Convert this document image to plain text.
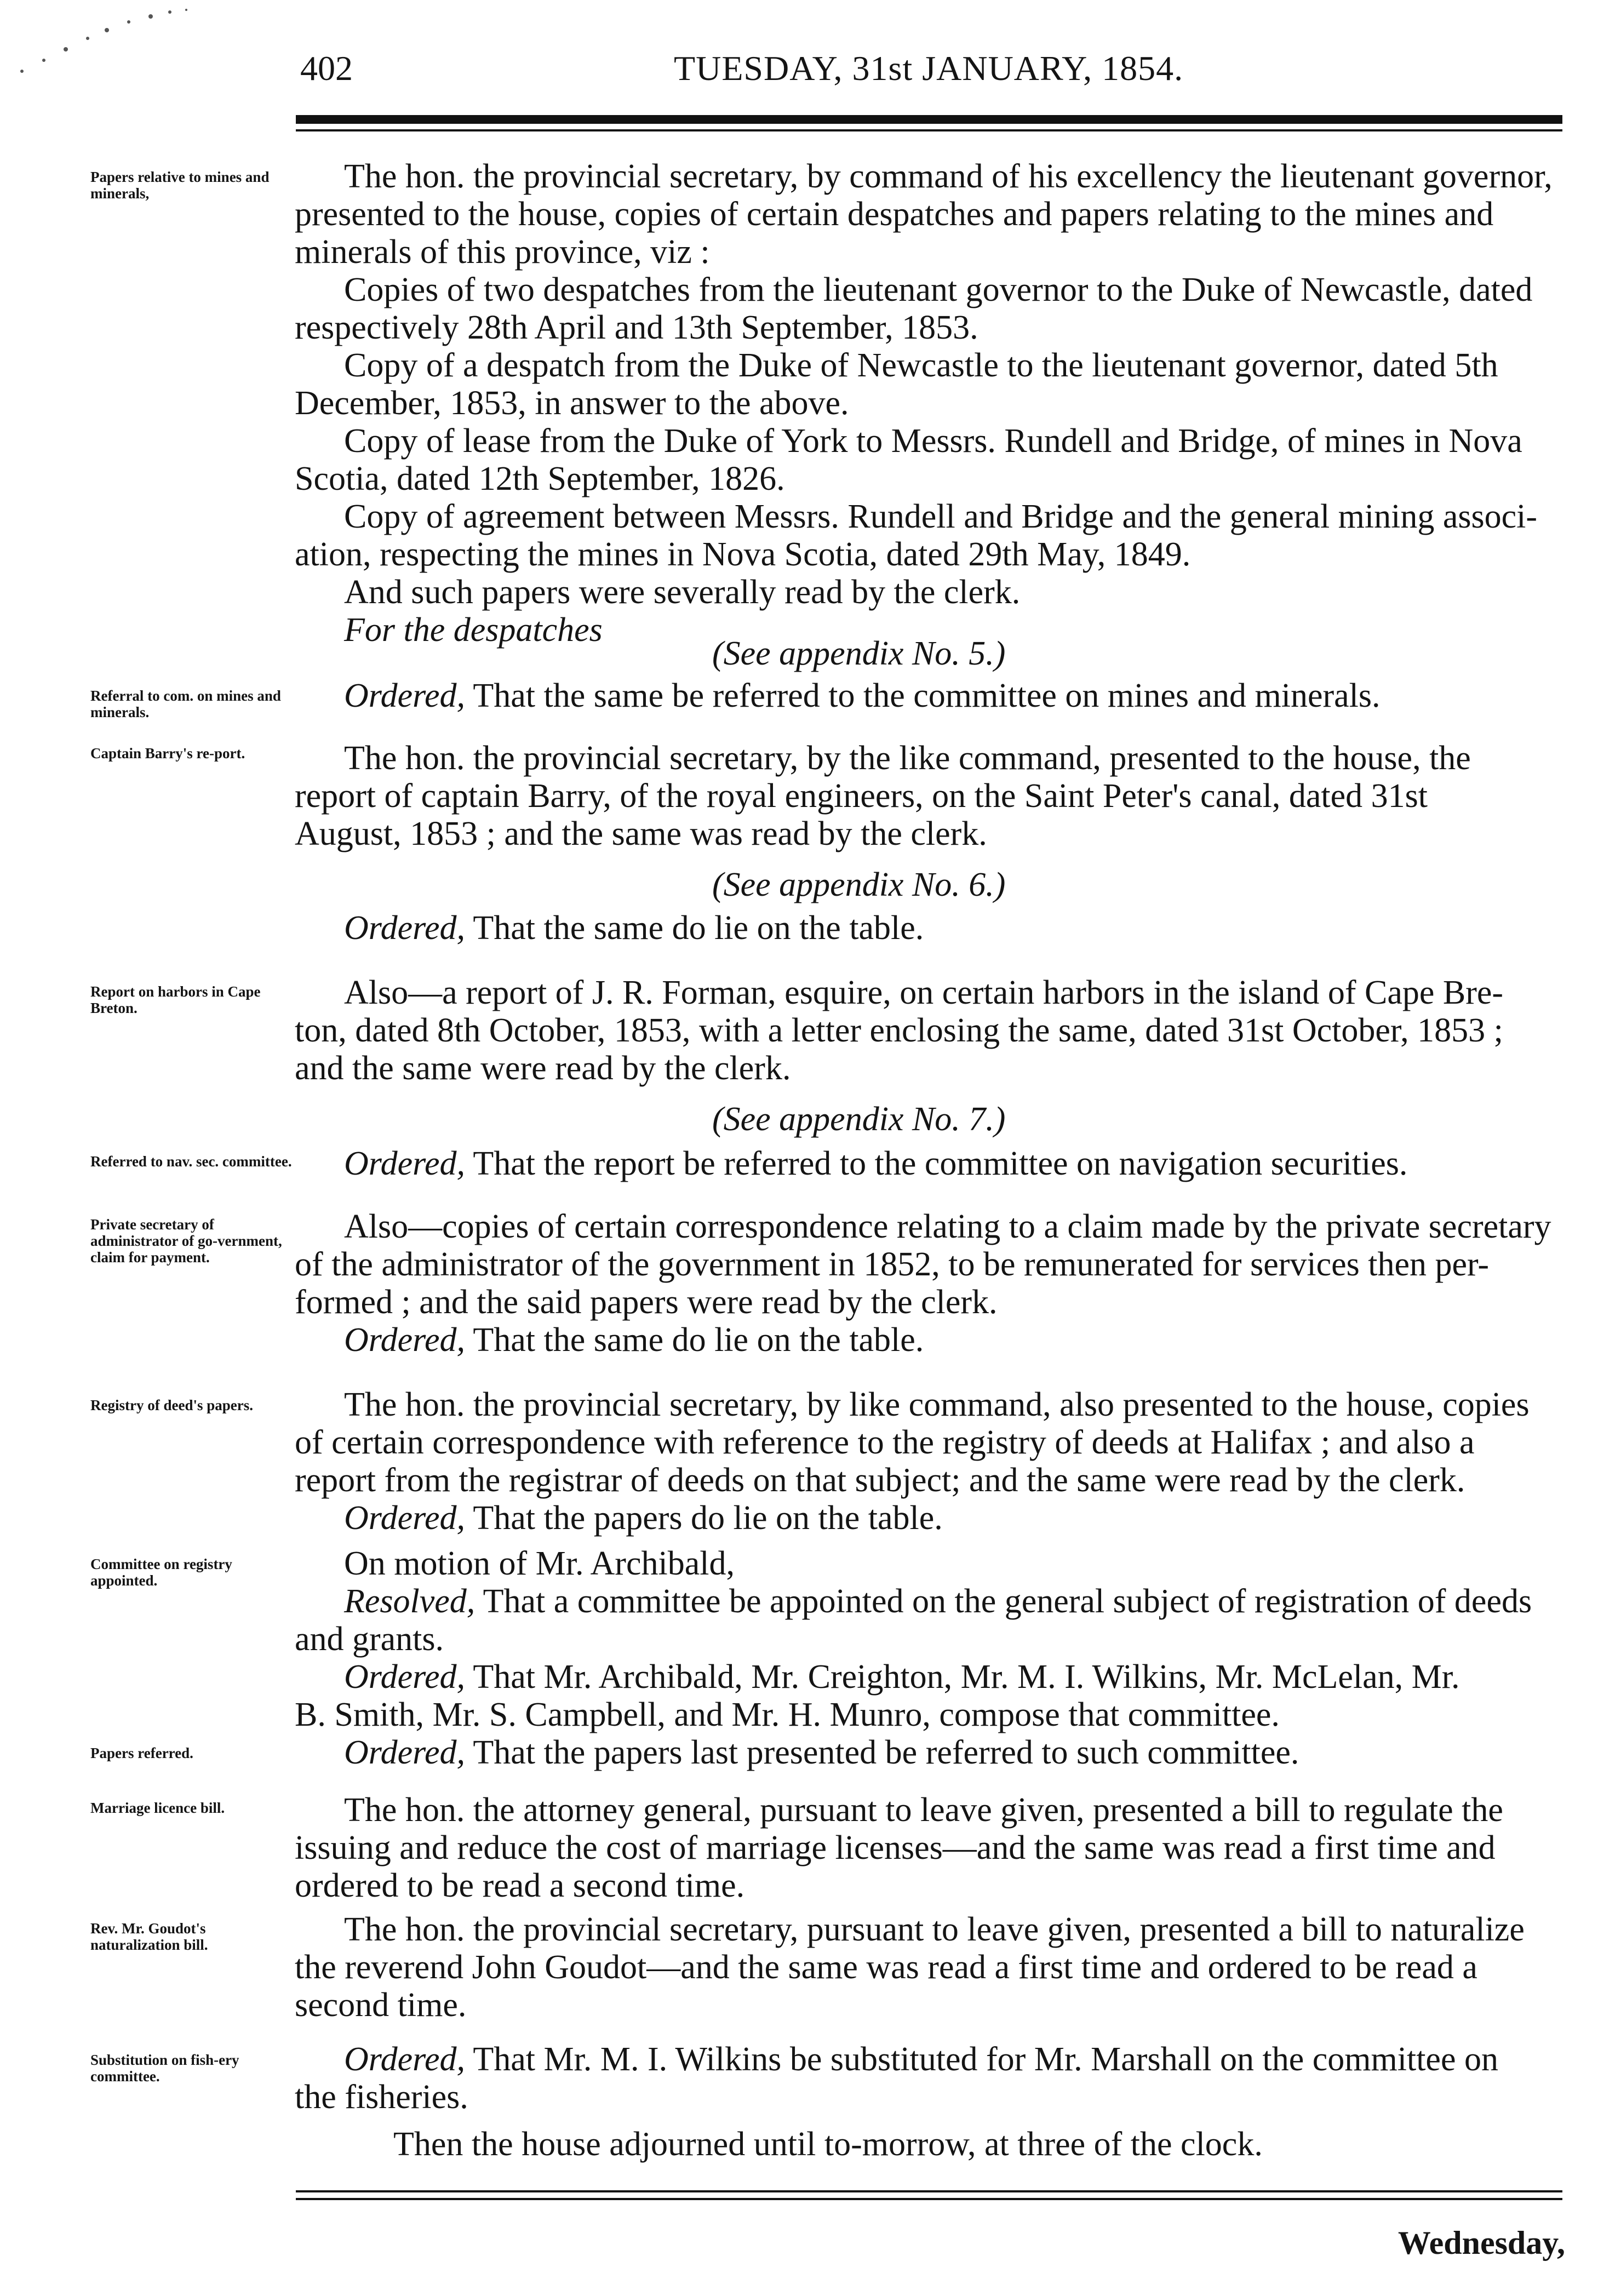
402	TUESDAY, 31st JANUARY, 1854.
Papers relative to mines and minerals,
Referral to com. on mines and minerals.
Captain Barry's re-port.
Report on harbors in Cape Breton.
Referred to nav. sec. committee.
Private secretary of administrator of go-vernment, claim for payment.
Registry of deed's papers.
Committee on registry appointed.
Papers referred.
Marriage licence bill.
Rev. Mr. Goudot's naturalization bill.
Substitution on fish-ery committee.
The hon. the provincial secretary, by command of his excellency the lieutenant governor,
presented to the house, copies of certain despatches and papers relating to the mines and
minerals of this province, viz :
Copies of two despatches from the lieutenant governor to the Duke of Newcastle, dated
respectively 28th April and 13th September, 1853.
Copy of a despatch from the Duke of Newcastle to the lieutenant governor, dated 5th
December, 1853, in answer to the above.
Copy of lease from the Duke of York to Messrs. Rundell and Bridge, of mines in Nova
Scotia, dated 12th September, 1826.
Copy of agreement between Messrs. Rundell and Bridge and the general mining associ-
ation, respecting the mines in Nova Scotia, dated 29th May, 1849.
And such papers were severally read by the clerk.
For the despatches
(See appendix No. 5.)
Ordered, That the same be referred to the committee on mines and minerals.
The hon. the provincial secretary, by the like command, presented to the house, the
report of captain Barry, of the royal engineers, on the Saint Peter's canal, dated 31st
August, 1853 ; and the same was read by the clerk.
(See appendix No. 6.)
Ordered, That the same do lie on the table.
Also—a report of J. R. Forman, esquire, on certain harbors in the island of Cape Bre-
ton, dated 8th October, 1853, with a letter enclosing the same, dated 31st October, 1853 ;
and the same were read by the clerk.
(See appendix No. 7.)
Ordered, That the report be referred to the committee on navigation securities.
Also—copies of certain correspondence relating to a claim made by the private secretary
of the administrator of the government in 1852, to be remunerated for services then per-
formed ; and the said papers were read by the clerk.
Ordered, That the same do lie on the table.
The hon. the provincial secretary, by like command, also presented to the house, copies
of certain correspondence with reference to the registry of deeds at Halifax ; and also a
report from the registrar of deeds on that subject; and the same were read by the clerk.
Ordered, That the papers do lie on the table.
On motion of Mr. Archibald,
Resolved, That a committee be appointed on the general subject of registration of deeds
and grants.
Ordered, That Mr. Archibald, Mr. Creighton, Mr. M. I. Wilkins, Mr. McLelan, Mr.
B. Smith, Mr. S. Campbell, and Mr. H. Munro, compose that committee.
Ordered, That the papers last presented be referred to such committee.
The hon. the attorney general, pursuant to leave given, presented a bill to regulate the
issuing and reduce the cost of marriage licenses—and the same was read a first time and
ordered to be read a second time.
The hon. the provincial secretary, pursuant to leave given, presented a bill to naturalize
the reverend John Goudot—and the same was read a first time and ordered to be read a
second time.
Ordered, That Mr. M. I. Wilkins be substituted for Mr. Marshall on the committee on
the fisheries.
Then the house adjourned until to-morrow, at three of the clock.
Wednesday,
